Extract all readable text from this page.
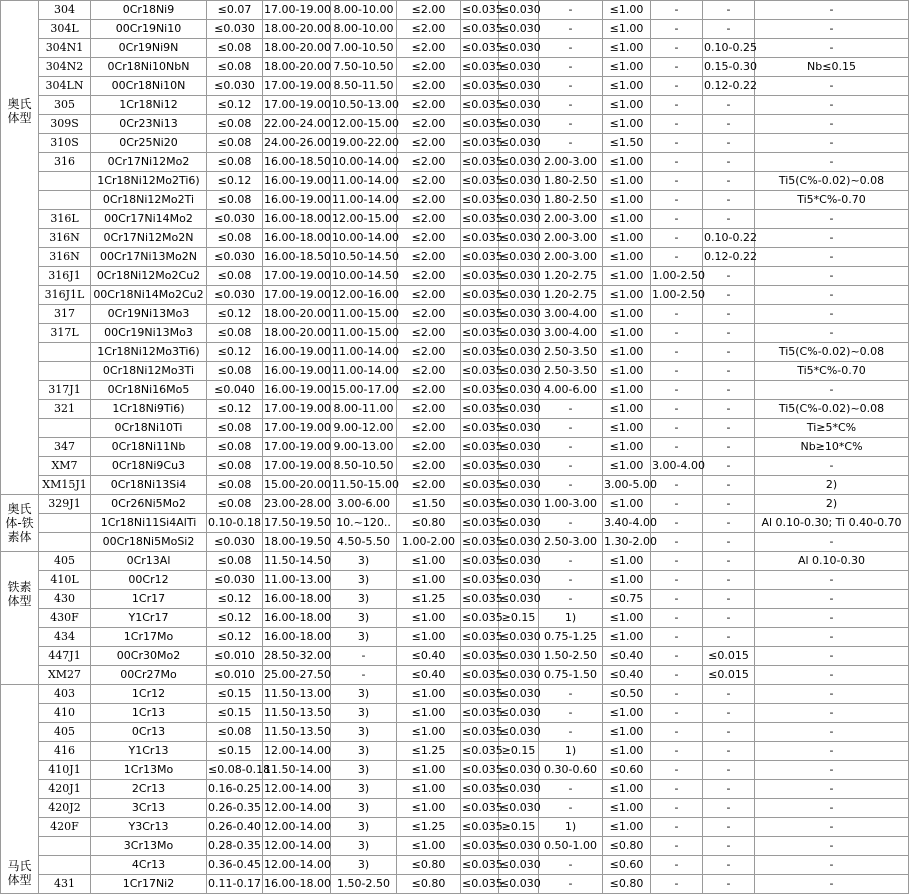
奥氏体型	304	0Cr18Ni9	≤0.07	17.00-19.00	8.00-10.00	≤2.00	≤0.035	≤0.030	-	≤1.00	-	-	-
	304L	00Cr19Ni10	≤0.030	18.00-20.00	8.00-10.00	≤2.00	≤0.035	≤0.030	-	≤1.00	-	-	-
	304N1	0Cr19Ni9N	≤0.08	18.00-20.00	7.00-10.50	≤2.00	≤0.035	≤0.030	-	≤1.00	-	0.10-0.25	-
	304N2	0Cr18Ni10NbN	≤0.08	18.00-20.00	7.50-10.50	≤2.00	≤0.035	≤0.030	-	≤1.00	-	0.15-0.30	Nb≤0.15
	304LN	00Cr18Ni10N	≤0.030	17.00-19.00	8.50-11.50	≤2.00	≤0.035	≤0.030	-	≤1.00	-	0.12-0.22	-
	305	1Cr18Ni12	≤0.12	17.00-19.00	10.50-13.00	≤2.00	≤0.035	≤0.030	-	≤1.00	-	-	-
	309S	0Cr23Ni13	≤0.08	22.00-24.00	12.00-15.00	≤2.00	≤0.035	≤0.030	-	≤1.00	-	-	-
	310S	0Cr25Ni20	≤0.08	24.00-26.00	19.00-22.00	≤2.00	≤0.035	≤0.030	-	≤1.50	-	-	-
	316	0Cr17Ni12Mo2	≤0.08	16.00-18.50	10.00-14.00	≤2.00	≤0.035	≤0.030	2.00-3.00	≤1.00	-	-	-
		1Cr18Ni12Mo2Ti6)	≤0.12	16.00-19.00	11.00-14.00	≤2.00	≤0.035	≤0.030	1.80-2.50	≤1.00	-	-	Ti5(C%-0.02)~0.08
		0Cr18Ni12Mo2Ti	≤0.08	16.00-19.00	11.00-14.00	≤2.00	≤0.035	≤0.030	1.80-2.50	≤1.00	-	-	Ti5*C%-0.70
	316L	00Cr17Ni14Mo2	≤0.030	16.00-18.00	12.00-15.00	≤2.00	≤0.035	≤0.030	2.00-3.00	≤1.00	-	-	-
	316N	0Cr17Ni12Mo2N	≤0.08	16.00-18.00	10.00-14.00	≤2.00	≤0.035	≤0.030	2.00-3.00	≤1.00	-	0.10-0.22	-
	316N	00Cr17Ni13Mo2N	≤0.030	16.00-18.50	10.50-14.50	≤2.00	≤0.035	≤0.030	2.00-3.00	≤1.00	-	0.12-0.22	-
	316J1	0Cr18Ni12Mo2Cu2	≤0.08	17.00-19.00	10.00-14.50	≤2.00	≤0.035	≤0.030	1.20-2.75	≤1.00	1.00-2.50	-	-
	316J1L	00Cr18Ni14Mo2Cu2	≤0.030	17.00-19.00	12.00-16.00	≤2.00	≤0.035	≤0.030	1.20-2.75	≤1.00	1.00-2.50	-	-
	317	0Cr19Ni13Mo3	≤0.12	18.00-20.00	11.00-15.00	≤2.00	≤0.035	≤0.030	3.00-4.00	≤1.00	-	-	-
	317L	00Cr19Ni13Mo3	≤0.08	18.00-20.00	11.00-15.00	≤2.00	≤0.035	≤0.030	3.00-4.00	≤1.00	-	-	-
		1Cr18Ni12Mo3Ti6)	≤0.12	16.00-19.00	11.00-14.00	≤2.00	≤0.035	≤0.030	2.50-3.50	≤1.00	-	-	Ti5(C%-0.02)~0.08
		0Cr18Ni12Mo3Ti	≤0.08	16.00-19.00	11.00-14.00	≤2.00	≤0.035	≤0.030	2.50-3.50	≤1.00	-	-	Ti5*C%-0.70
	317J1	0Cr18Ni16Mo5	≤0.040	16.00-19.00	15.00-17.00	≤2.00	≤0.035	≤0.030	4.00-6.00	≤1.00	-	-	-
	321	1Cr18Ni9Ti6)	≤0.12	17.00-19.00	8.00-11.00	≤2.00	≤0.035	≤0.030	-	≤1.00	-	-	Ti5(C%-0.02)~0.08
		0Cr18Ni10Ti	≤0.08	17.00-19.00	9.00-12.00	≤2.00	≤0.035	≤0.030	-	≤1.00	-	-	Ti≥5*C%
	347	0Cr18Ni11Nb	≤0.08	17.00-19.00	9.00-13.00	≤2.00	≤0.035	≤0.030	-	≤1.00	-	-	Nb≥10*C%
	XM7	0Cr18Ni9Cu3	≤0.08	17.00-19.00	8.50-10.50	≤2.00	≤0.035	≤0.030	-	≤1.00	3.00-4.00	-	-
	XM15J1	0Cr18Ni13Si4	≤0.08	15.00-20.00	11.50-15.00	≤2.00	≤0.035	≤0.030	-	3.00-5.00	-	-	2)
奥氏体-铁素体	329J1	0Cr26Ni5Mo2	≤0.08	23.00-28.00	3.00-6.00	≤1.50	≤0.035	≤0.030	1.00-3.00	≤1.00	-	-	2)
		1Cr18Ni11Si4AlTi	0.10-0.18	17.50-19.50	10.~120..	≤0.80	≤0.035	≤0.030	-	3.40-4.00	-	-	Al 0.10-0.30; Ti 0.40-0.70
		00Cr18Ni5MoSi2	≤0.030	18.00-19.50	4.50-5.50	1.00-2.00	≤0.035	≤0.030	2.50-3.00	1.30-2.00	-	-	-
铁素体型	405	0Cr13Al	≤0.08	11.50-14.50	3)	≤1.00	≤0.035	≤0.030	-	≤1.00	-	-	Al 0.10-0.30
	410L	00Cr12	≤0.030	11.00-13.00	3)	≤1.00	≤0.035	≤0.030	-	≤1.00	-	-	-
	430	1Cr17	≤0.12	16.00-18.00	3)	≤1.25	≤0.035	≤0.030	-	≤0.75	-	-	-
	430F	Y1Cr17	≤0.12	16.00-18.00	3)	≤1.00	≤0.035	≥0.15	1)	≤1.00	-	-	-
	434	1Cr17Mo	≤0.12	16.00-18.00	3)	≤1.00	≤0.035	≤0.030	0.75-1.25	≤1.00	-	-	-
	447J1	00Cr30Mo2	≤0.010	28.50-32.00	-	≤0.40	≤0.035	≤0.030	1.50-2.50	≤0.40	-	≤0.015	-
	XM27	00Cr27Mo	≤0.010	25.00-27.50	-	≤0.40	≤0.035	≤0.030	0.75-1.50	≤0.40	-	≤0.015	-
马氏体型	403	1Cr12	≤0.15	11.50-13.00	3)	≤1.00	≤0.035	≤0.030	-	≤0.50	-	-	-
	410	1Cr13	≤0.15	11.50-13.50	3)	≤1.00	≤0.035	≤0.030	-	≤1.00	-	-	-
	405	0Cr13	≤0.08	11.50-13.50	3)	≤1.00	≤0.035	≤0.030	-	≤1.00	-	-	-
	416	Y1Cr13	≤0.15	12.00-14.00	3)	≤1.25	≤0.035	≥0.15	1)	≤1.00	-	-	-
	410J1	1Cr13Mo	≤0.08-0.18	11.50-14.00	3)	≤1.00	≤0.035	≤0.030	0.30-0.60	≤0.60	-	-	-
	420J1	2Cr13	0.16-0.25	12.00-14.00	3)	≤1.00	≤0.035	≤0.030	-	≤1.00	-	-	-
	420J2	3Cr13	0.26-0.35	12.00-14.00	3)	≤1.00	≤0.035	≤0.030	-	≤1.00	-	-	-
	420F	Y3Cr13	0.26-0.40	12.00-14.00	3)	≤1.25	≤0.035	≥0.15	1)	≤1.00	-	-	-
		3Cr13Mo	0.28-0.35	12.00-14.00	3)	≤1.00	≤0.035	≤0.030	0.50-1.00	≤0.80	-	-	-
		4Cr13	0.36-0.45	12.00-14.00	3)	≤0.80	≤0.035	≤0.030	-	≤0.60	-	-	-
	431	1Cr17Ni2	0.11-0.17	16.00-18.00	1.50-2.50	≤0.80	≤0.035	≤0.030	-	≤0.80	-	-	-
